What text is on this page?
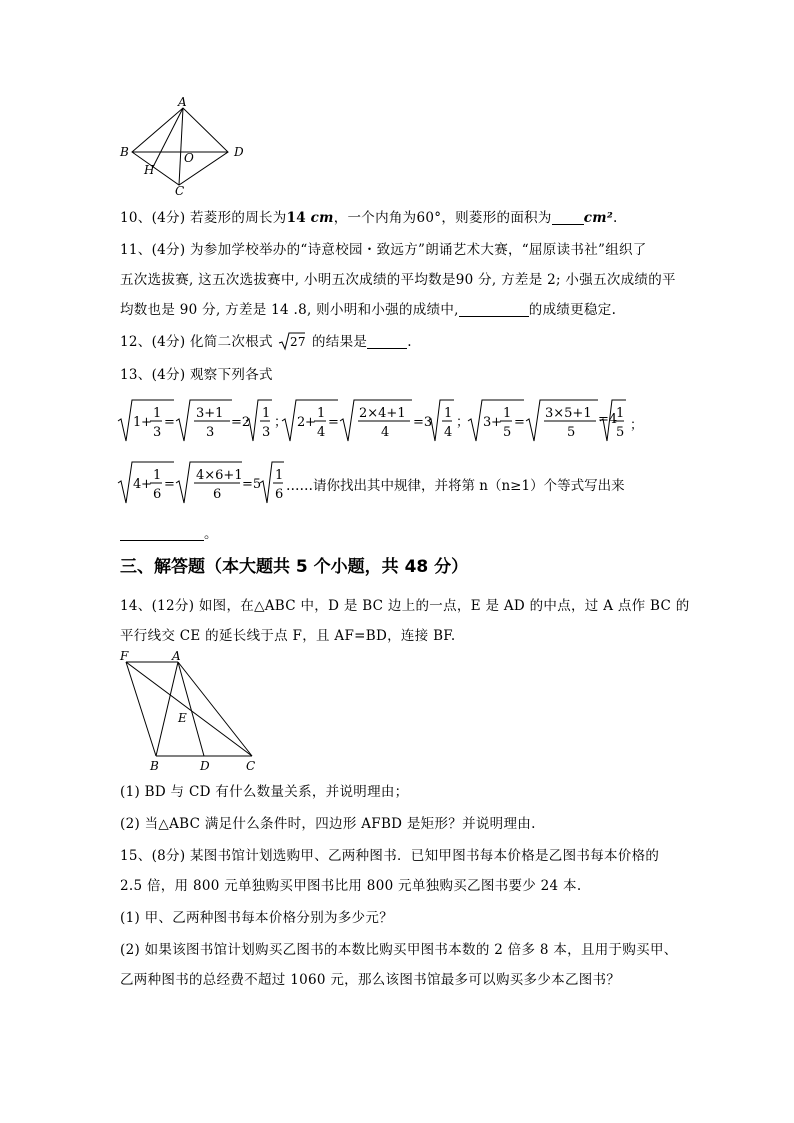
A
B
C
D
H
O
10、(4分) 若菱形的周长为14 cm，一个内角为60°，则菱形的面积为 cm².
11、(4分) 为参加学校举办的“诗意校园・致远方”朗诵艺术大赛，“屈原读书社”组织了
五次选拔赛, 这五次选拔赛中, 小明五次成绩的平均数是90 分, 方差是 2; 小强五次成绩的平
均数也是 90 分, 方差是 14 .8, 则小明和小强的成绩中,	的成绩更稳定.
12、(4分) 化简二次根式 27 的结果是	.
13、(4分) 观察下列各式
1 +
1
3
=
3+1
3
=2
1
3
； 2 +
1
4
=
2×4+1
4
=3
1
4
； 3 +
1
5
=
3×5+1
5
1
5
=4 ；
4 +
1
6
=
4×6+1
6
=5
1
6
……请你找出其中规律，并将第 n（n≥1）个等式写出来
。
三、解答题（本大题共 5 个小题，共 48 分）
14、(12分) 如图，在△ABC 中，D 是 BC 边上的一点，E 是 AD 的中点，过 A 点作 BC 的
平行线交 CE 的延长线于点 F，且 AF=BD，连接 BF.
F	A
E
B	D	C
(1) BD 与 CD 有什么数量关系，并说明理由；
(2) 当△ABC 满足什么条件时，四边形 AFBD 是矩形？并说明理由.
15、(8分) 某图书馆计划选购甲、乙两种图书．已知甲图书每本价格是乙图书每本价格的
2.5 倍，用 800 元单独购买甲图书比用 800 元单独购买乙图书要少 24 本.
(1) 甲、乙两种图书每本价格分别为多少元？
(2) 如果该图书馆计划购买乙图书的本数比购买甲图书本数的 2 倍多 8 本，且用于购买甲、
乙两种图书的总经费不超过 1060 元，那么该图书馆最多可以购买多少本乙图书？
